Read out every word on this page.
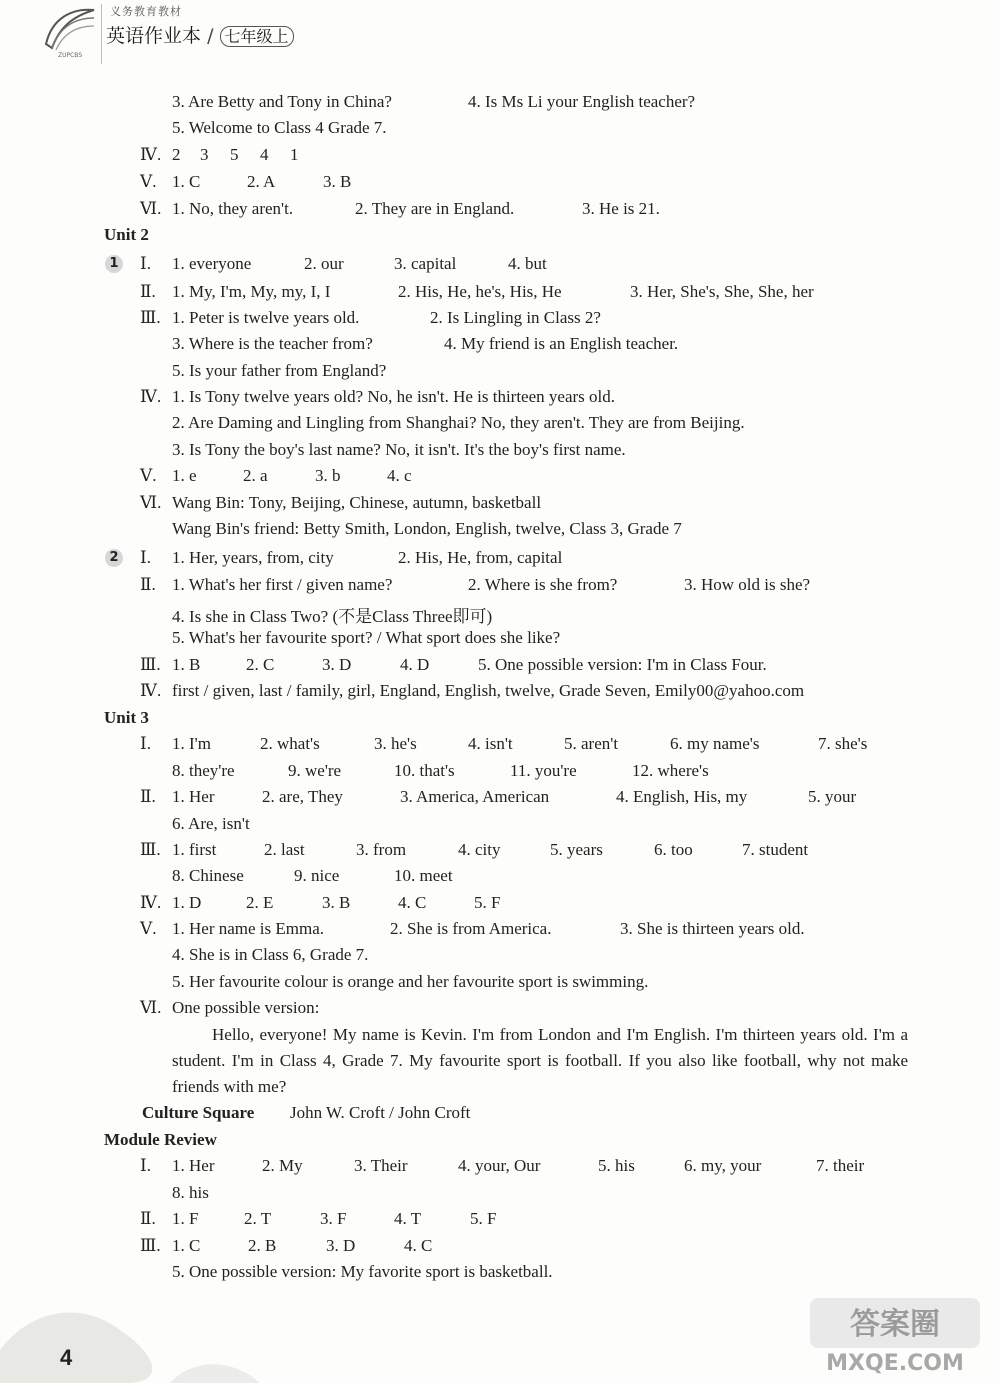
ZUPCBS
义务教育教材
英语作业本 / 七年级上
3. Are Betty and Tony in China?	4. Is Ms Li your English teacher?
5. Welcome to Class 4 Grade 7.
Ⅳ. 2 3 5 4 1
Ⅴ. 1. C	2. A	3. B
Ⅵ. 1. No, they aren't.	2. They are in England.	3. He is 21.
Unit 2
1 Ⅰ. 1. everyone	2. our	3. capital	4. but
Ⅱ. 1. My, I'm, My, my, I, I	2. His, He, he's, His, He	3. Her, She's, She, She, her
Ⅲ. 1. Peter is twelve years old.	2. Is Lingling in Class 2?
3. Where is the teacher from?	4. My friend is an English teacher.
5. Is your father from England?
Ⅳ. 1. Is Tony twelve years old? No, he isn't. He is thirteen years old.
2. Are Daming and Lingling from Shanghai? No, they aren't. They are from Beijing.
3. Is Tony the boy's last name? No, it isn't. It's the boy's first name.
Ⅴ. 1. e	2. a	3. b	4. c
Ⅵ. Wang Bin: Tony, Beijing, Chinese, autumn, basketball
Wang Bin's friend: Betty Smith, London, English, twelve, Class 3, Grade 7
2 Ⅰ. 1. Her, years, from, city	2. His, He, from, capital
Ⅱ. 1. What's her first / given name?	2. Where is she from?	3. How old is she?
4. Is she in Class Two? (不是Class Three即可)
5. What's her favourite sport? / What sport does she like?
Ⅲ. 1. B	2. C	3. D	4. D	5. One possible version: I'm in Class Four.
Ⅳ. first / given, last / family, girl, England, English, twelve, Grade Seven, Emily00@yahoo.com
Unit 3
Ⅰ. 1. I'm	2. what's	3. he's	4. isn't	5. aren't	6. my name's	7. she's
8. they're	9. we're	10. that's	11. you're	12. where's
Ⅱ. 1. Her	2. are, They	3. America, American	4. English, His, my	5. your
6. Are, isn't
Ⅲ. 1. first	2. last	3. from	4. city	5. years	6. too	7. student
8. Chinese	9. nice	10. meet
Ⅳ. 1. D	2. E	3. B	4. C	5. F
Ⅴ. 1. Her name is Emma.	2. She is from America.	3. She is thirteen years old.
4. She is in Class 6, Grade 7.
5. Her favourite colour is orange and her favourite sport is swimming.
Ⅵ. One possible version:
Hello, everyone! My name is Kevin. I'm from London and I'm English. I'm thirteen years old. I'm a student. I'm in Class 4, Grade 7. My favourite sport is football. If you also like football, why not make friends with me?
Culture Square John W. Croft / John Croft
Module Review
Ⅰ. 1. Her	2. My	3. Their	4. your, Our	5. his	6. my, your	7. their
8. his
Ⅱ. 1. F	2. T	3. F	4. T	5. F
Ⅲ. 1. C	2. B	3. D	4. C
5. One possible version: My favorite sport is basketball.
4
答案圈
MXQE.COM
